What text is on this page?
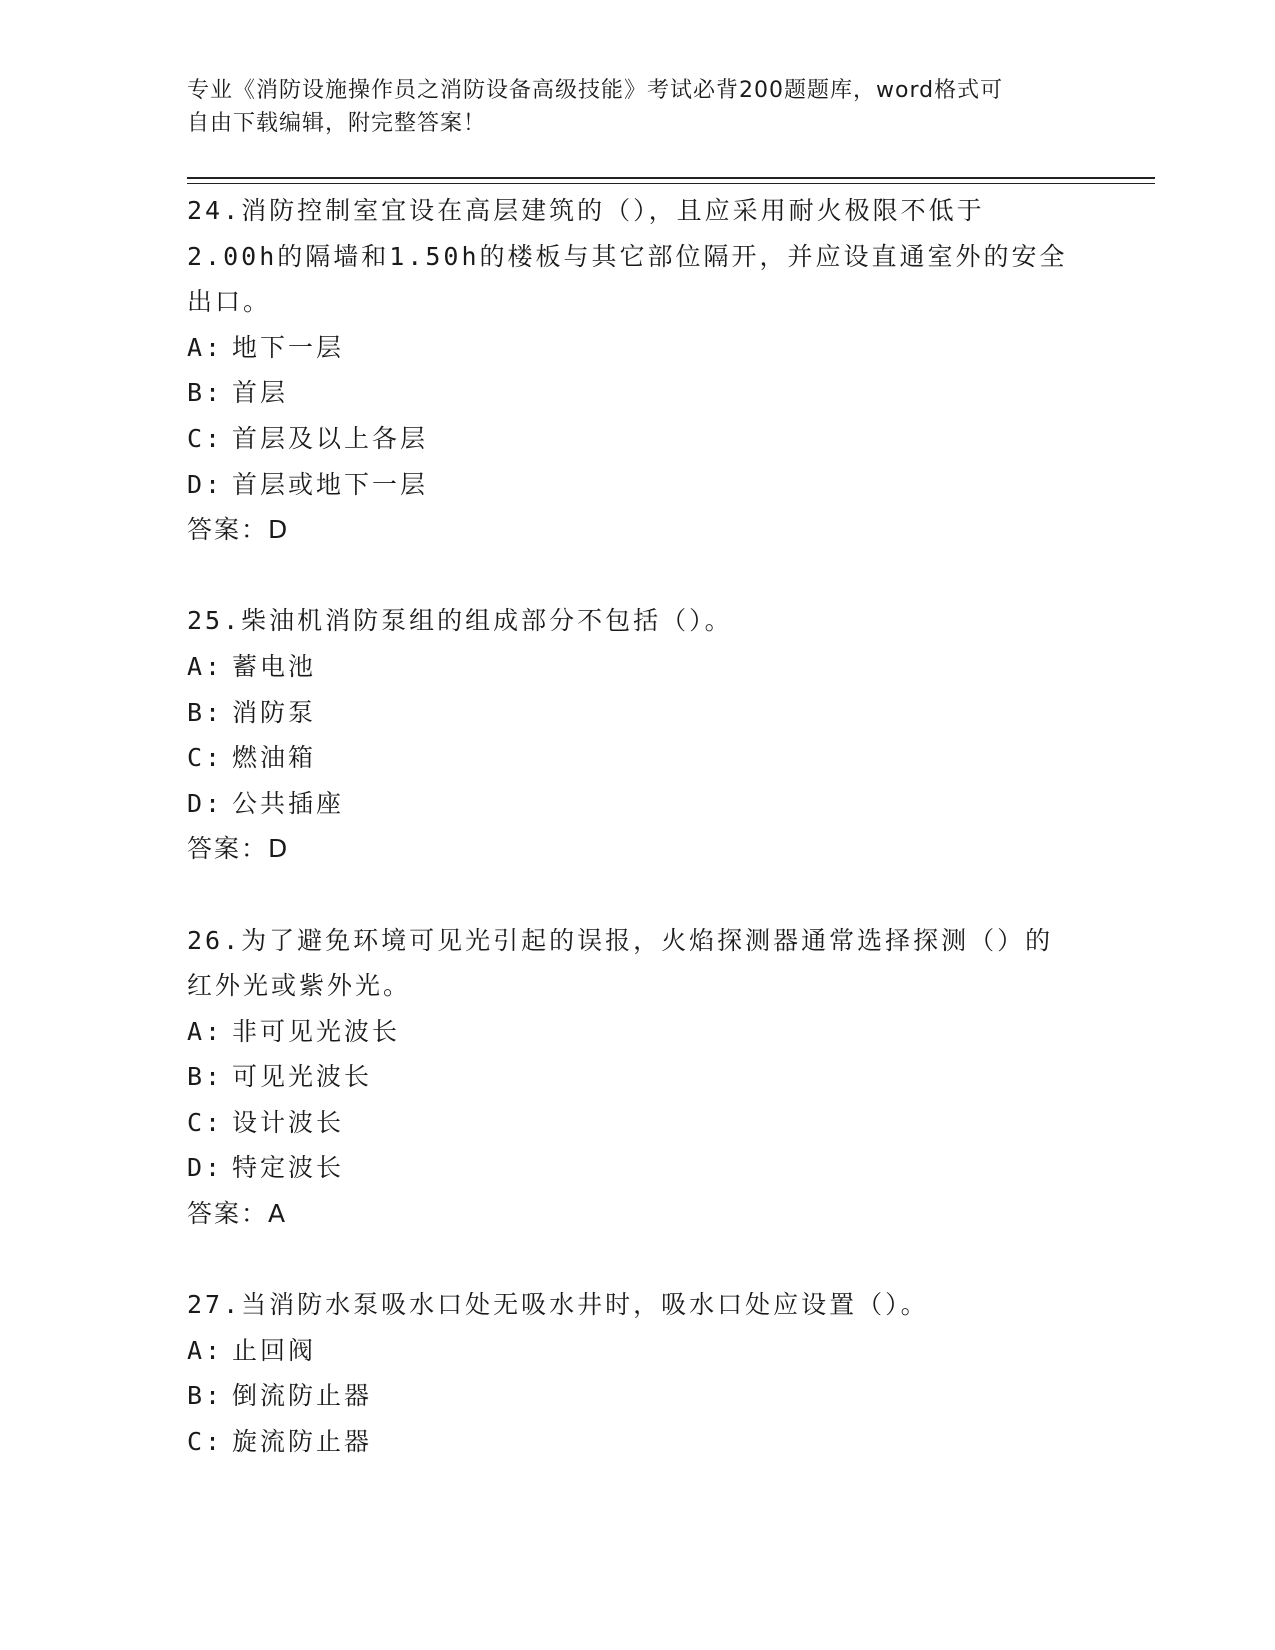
专业《消防设施操作员之消防设备高级技能》考试必背200题题库，word格式可
自由下载编辑，附完整答案！
24.消防控制室宜设在高层建筑的（），且应采用耐火极限不低于
2.00h的隔墙和1.50h的楼板与其它部位隔开，并应设直通室外的安全
出口。
A: 地下一层
B: 首层
C: 首层及以上各层
D: 首层或地下一层
答案：D
25.柴油机消防泵组的组成部分不包括（）。
A: 蓄电池
B: 消防泵
C: 燃油箱
D: 公共插座
答案：D
26.为了避免环境可见光引起的误报，火焰探测器通常选择探测（）的
红外光或紫外光。
A: 非可见光波长
B: 可见光波长
C: 设计波长
D: 特定波长
答案：A
27.当消防水泵吸水口处无吸水井时，吸水口处应设置（）。
A: 止回阀
B: 倒流防止器
C: 旋流防止器
